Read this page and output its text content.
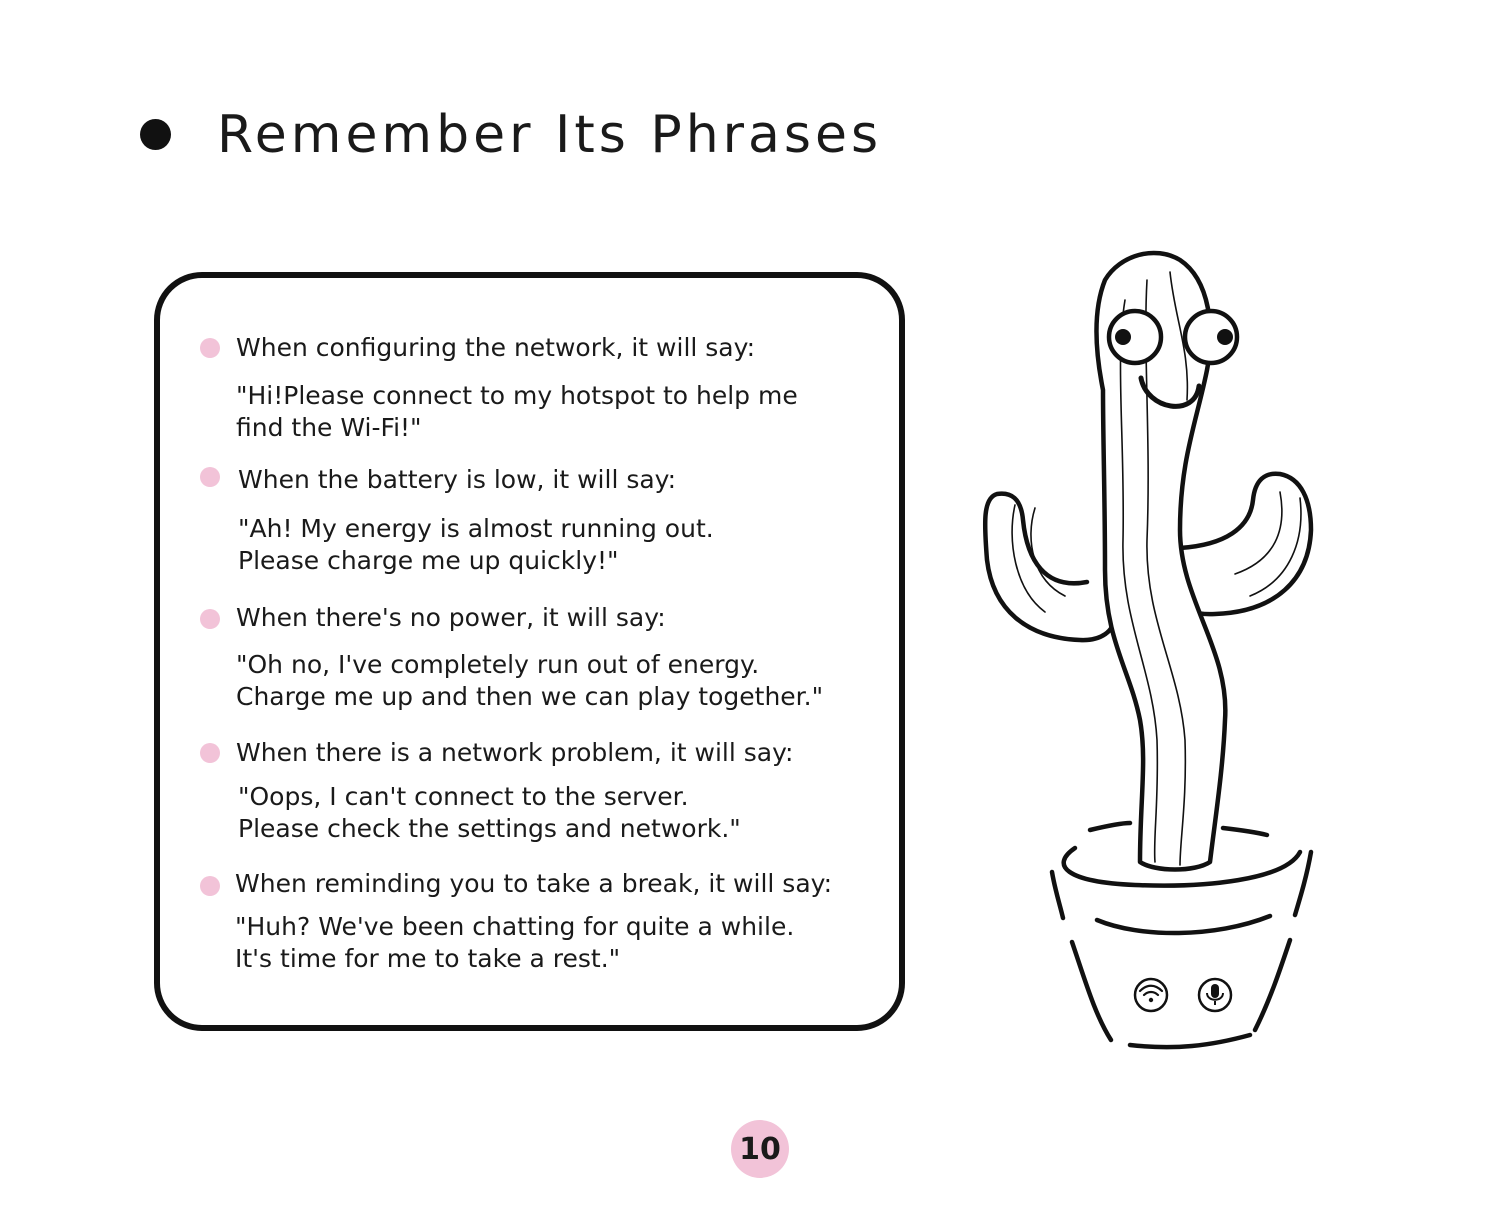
Remember Its Phrases
When configuring the network, it will say:
"Hi!Please connect to my hotspot to help me
find the Wi-Fi!"
When the battery is low, it will say:
"Ah! My energy is almost running out.
Please charge me up quickly!"
When there's no power, it will say:
"Oh no, I've completely run out of energy.
Charge me up and then we can play together."
When there is a network problem, it will say:
"Oops, I can't connect to the server.
Please check the settings and network."
When reminding you to take a break, it will say:
"Huh? We've been chatting for quite a while.
It's time for me to take a rest."
10
